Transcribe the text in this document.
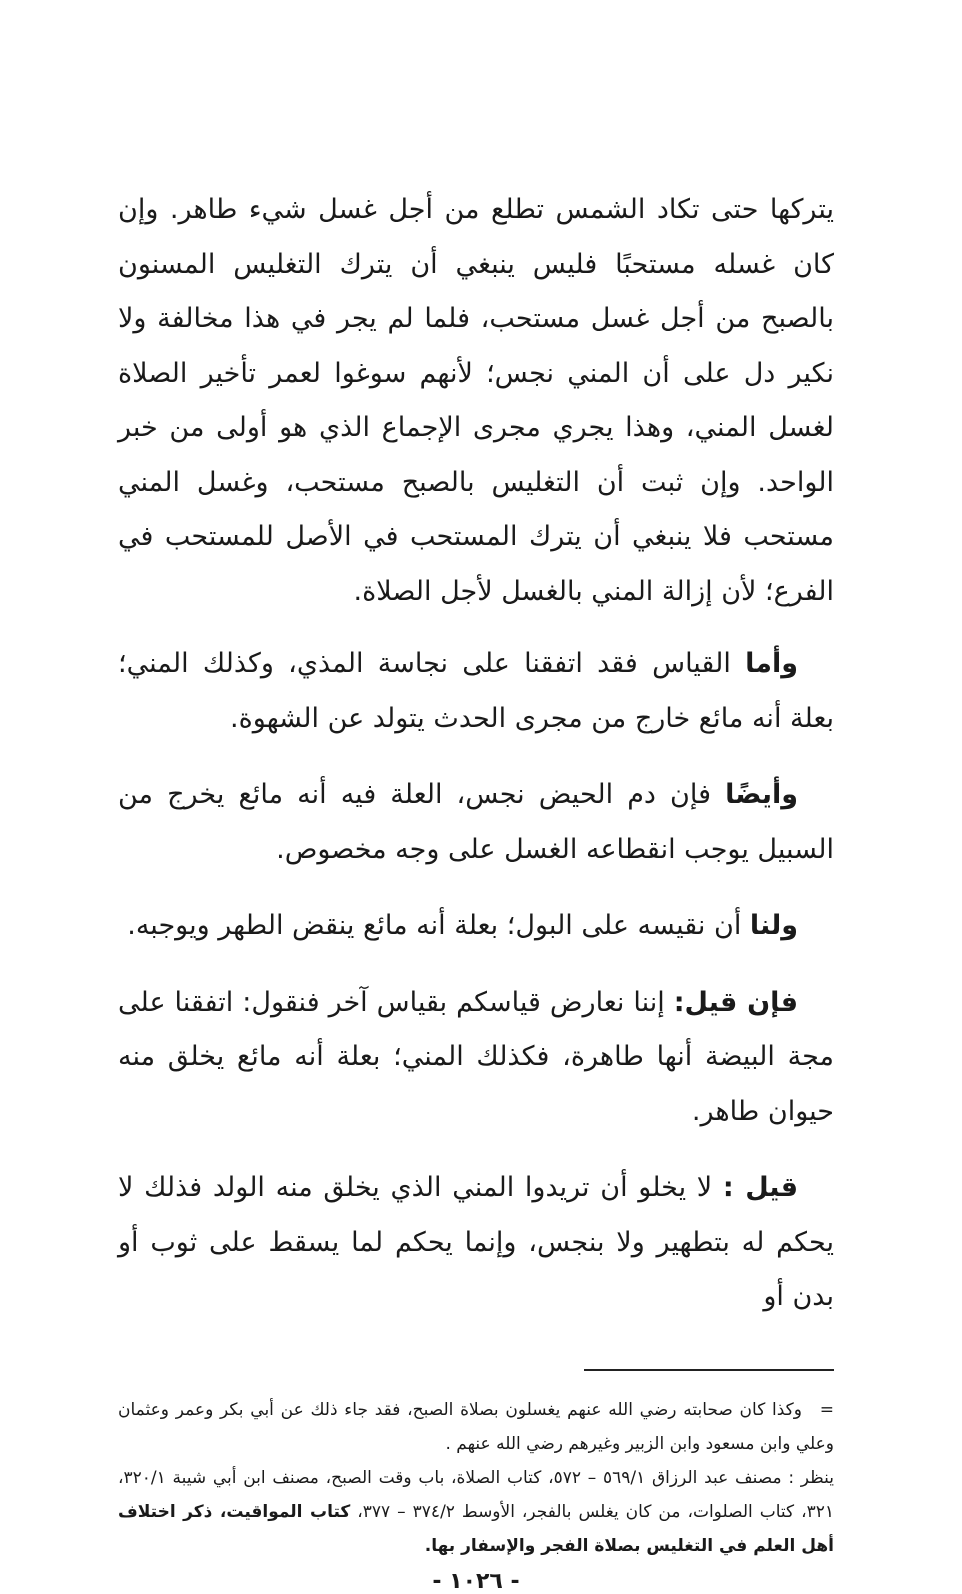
يتركها حتى تكاد الشمس تطلع من أجل غسل شيء طاهر. وإن كان غسله مستحبًا فليس ينبغي أن يترك التغليس المسنون بالصبح من أجل غسل مستحب، فلما لم يجر في هذا مخالفة ولا نكير دل على أن المني نجس؛ لأنهم سوغوا لعمر تأخير الصلاة لغسل المني، وهذا يجري مجرى الإجماع الذي هو أولى من خبر الواحد. وإن ثبت أن التغليس بالصبح مستحب، وغسل المني مستحب فلا ينبغي أن يترك المستحب في الأصل للمستحب في الفرع؛ لأن إزالة المني بالغسل لأجل الصلاة.

وأما القياس فقد اتفقنا على نجاسة المذي، وكذلك المني؛ بعلة أنه مائع خارج من مجرى الحدث يتولد عن الشهوة.

وأيضًا فإن دم الحيض نجس، العلة فيه أنه مائع يخرج من السبيل يوجب انقطاعه الغسل على وجه مخصوص.

ولنا أن نقيسه على البول؛ بعلة أنه مائع ينقض الطهر ويوجبه.

فإن قيل: إننا نعارض قياسكم بقياس آخر فنقول: اتفقنا على مجة البيضة أنها طاهرة، فكذلك المني؛ بعلة أنه مائع يخلق منه حيوان طاهر.

قيل : لا يخلو أن تريدوا المني الذي يخلق منه الولد فذلك لا يحكم له بتطهير ولا بنجس، وإنما يحكم لما يسقط على ثوب أو بدن أو

=وكذا كان صحابته رضي الله عنهم يغسلون بصلاة الصبح، فقد جاء ذلك عن أبي بكر وعمر وعثمان وعلي وابن مسعود وابن الزبير وغيرهم رضي الله عنهم .

ينظر : مصنف عبد الرزاق ٥٦٩/١ – ٥٧٢، كتاب الصلاة، باب وقت الصبح، مصنف ابن أبي شيبة ٣٢٠/١، ٣٢١، كتاب الصلوات، من كان يغلس بالفجر، الأوسط ٣٧٤/٢ – ٣٧٧، كتاب المواقيت، ذكر اختلاف أهل العلم في التغليس بصلاة الفجر والإسفار بها.

- ١٠٢٦ -
